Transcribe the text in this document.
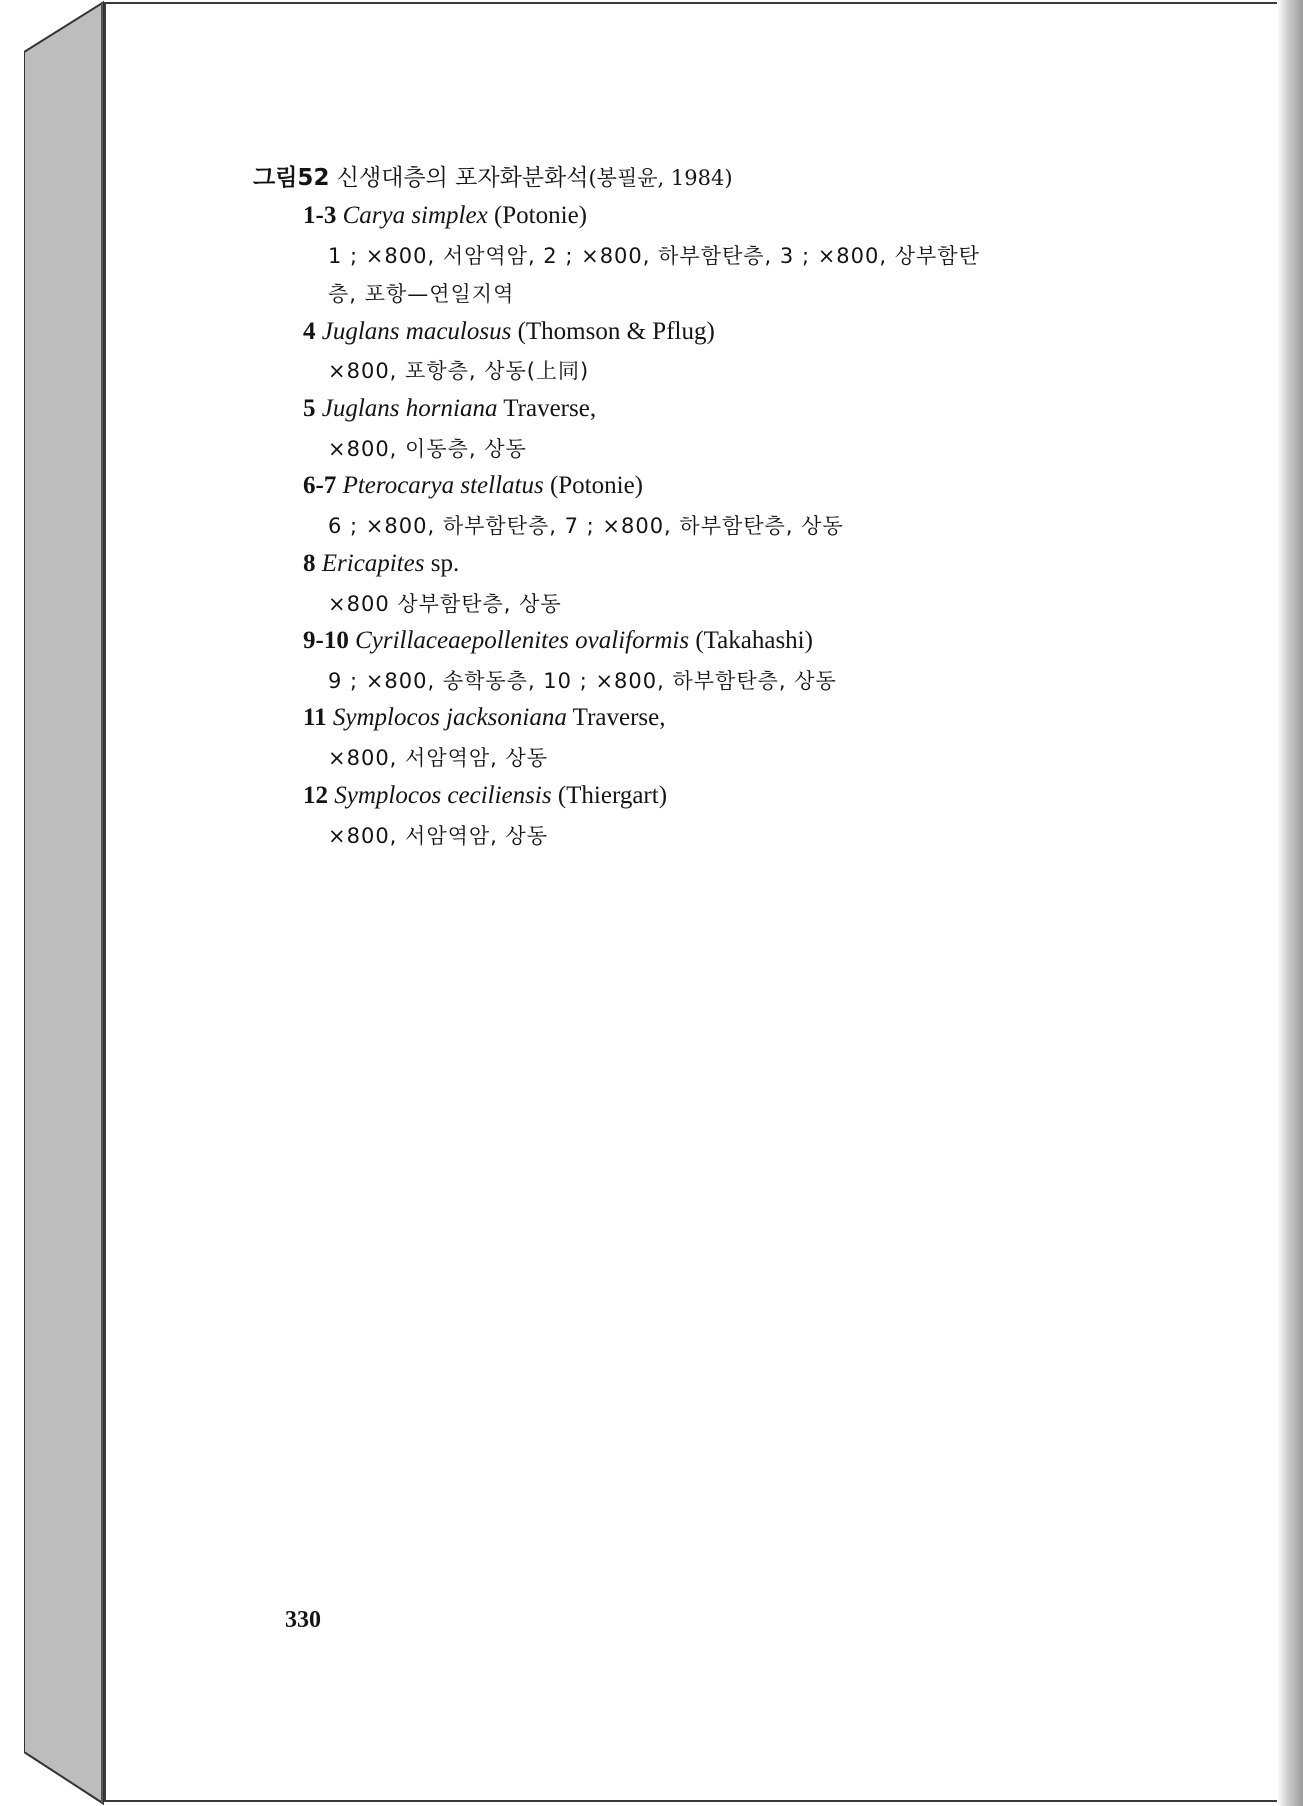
그림52 신생대층의 포자화분화석(봉필윤, 1984)
1-3 Carya simplex (Potonie)
1 ; ×800, 서암역암, 2 ; ×800, 하부함탄층, 3 ; ×800, 상부함탄
층, 포항—연일지역
4 Juglans maculosus (Thomson & Pflug)
×800, 포항층, 상동(上同)
5 Juglans horniana Traverse,
×800, 이동층, 상동
6-7 Pterocarya stellatus (Potonie)
6 ; ×800, 하부함탄층, 7 ; ×800, 하부함탄층, 상동
8 Ericapites sp.
×800 상부함탄층, 상동
9-10 Cyrillaceaepollenites ovaliformis (Takahashi)
9 ; ×800, 송학동층, 10 ; ×800, 하부함탄층, 상동
11 Symplocos jacksoniana Traverse,
×800, 서암역암, 상동
12 Symplocos ceciliensis (Thiergart)
×800, 서암역암, 상동
330
